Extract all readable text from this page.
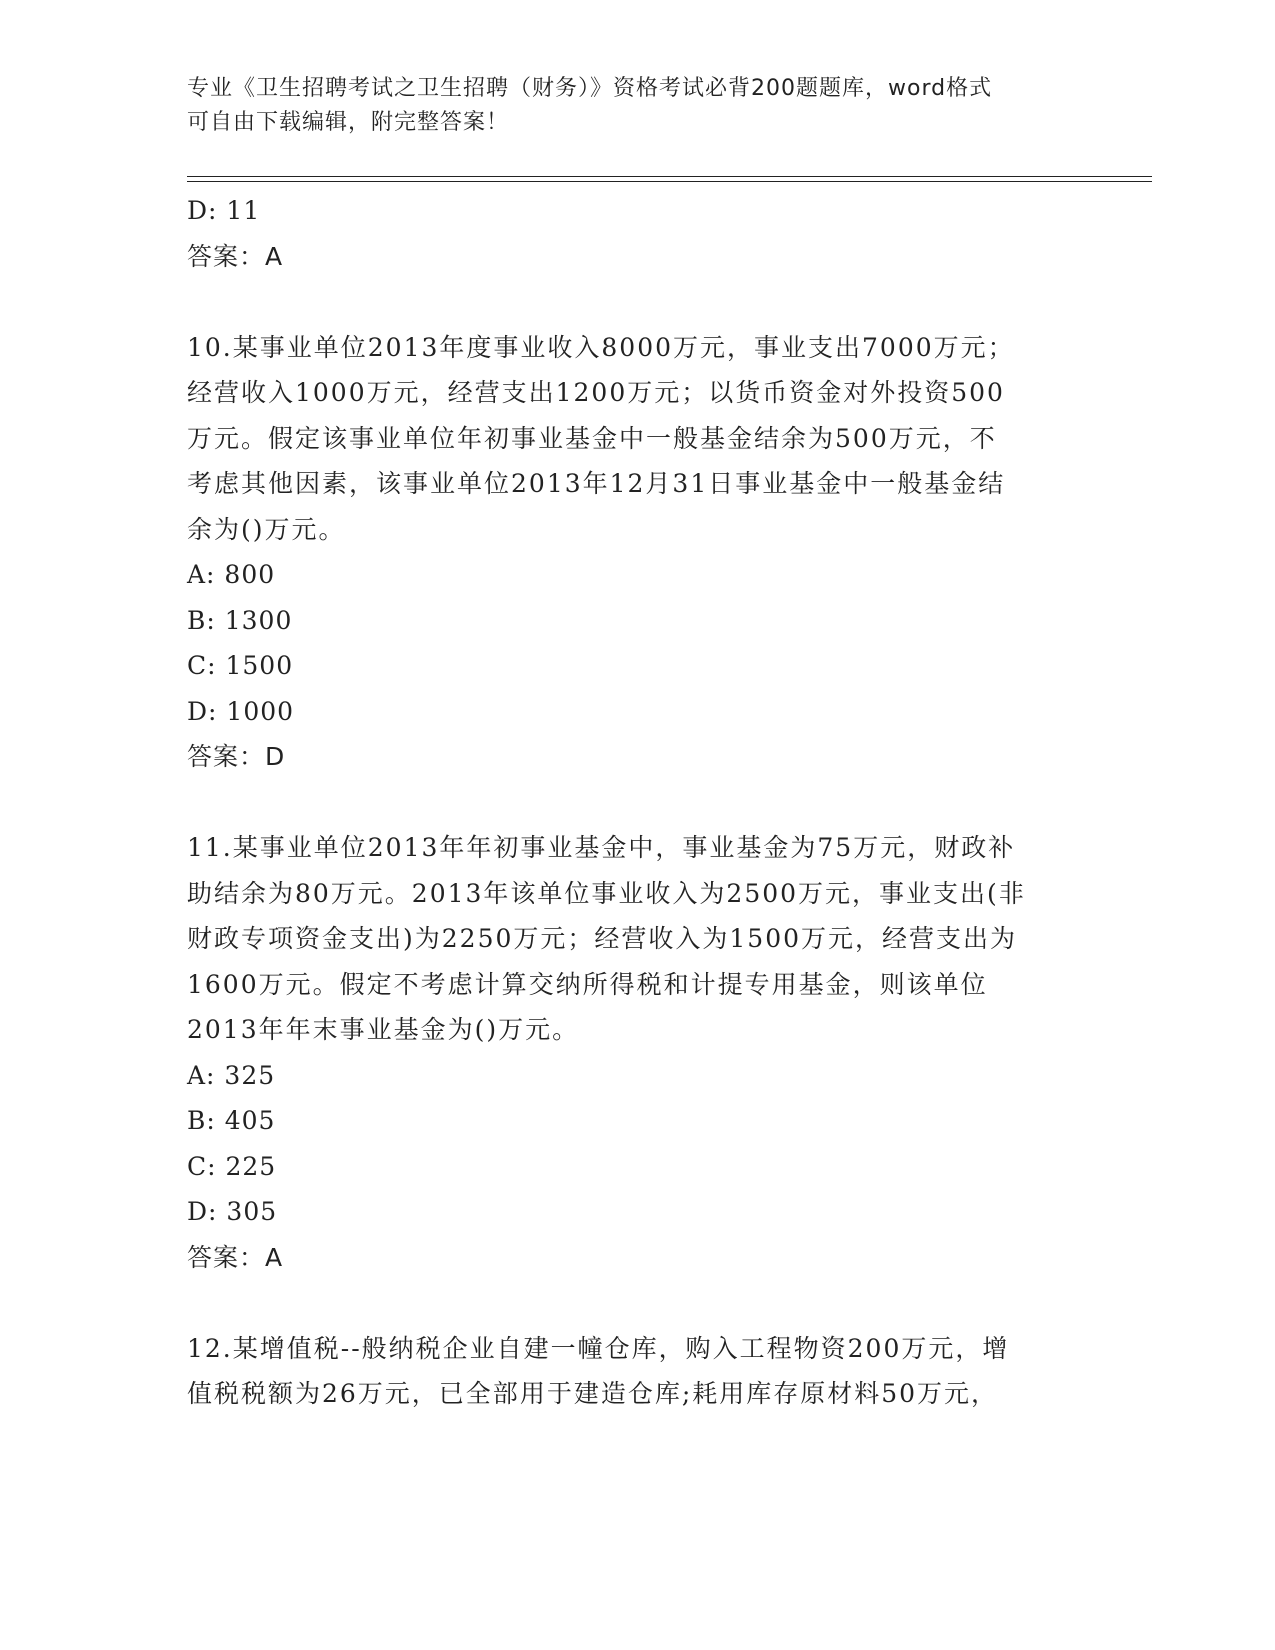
专业《卫生招聘考试之卫生招聘（财务）》资格考试必背200题题库，word格式
可自由下载编辑，附完整答案！
D: 11
答案：A
10.某事业单位2013年度事业收入8000万元，事业支出7000万元；
经营收入1000万元，经营支出1200万元；以货币资金对外投资500
万元。假定该事业单位年初事业基金中一般基金结余为500万元，不
考虑其他因素，该事业单位2013年12月31日事业基金中一般基金结
余为()万元。
A: 800
B: 1300
C: 1500
D: 1000
答案：D
11.某事业单位2013年年初事业基金中，事业基金为75万元，财政补
助结余为80万元。2013年该单位事业收入为2500万元，事业支出(非
财政专项资金支出)为2250万元；经营收入为1500万元，经营支出为
1600万元。假定不考虑计算交纳所得税和计提专用基金，则该单位
2013年年末事业基金为()万元。
A: 325
B: 405
C: 225
D: 305
答案：A
12.某增值税--般纳税企业自建一幢仓库，购入工程物资200万元，增
值税税额为26万元，已全部用于建造仓库;耗用库存原材料50万元，
